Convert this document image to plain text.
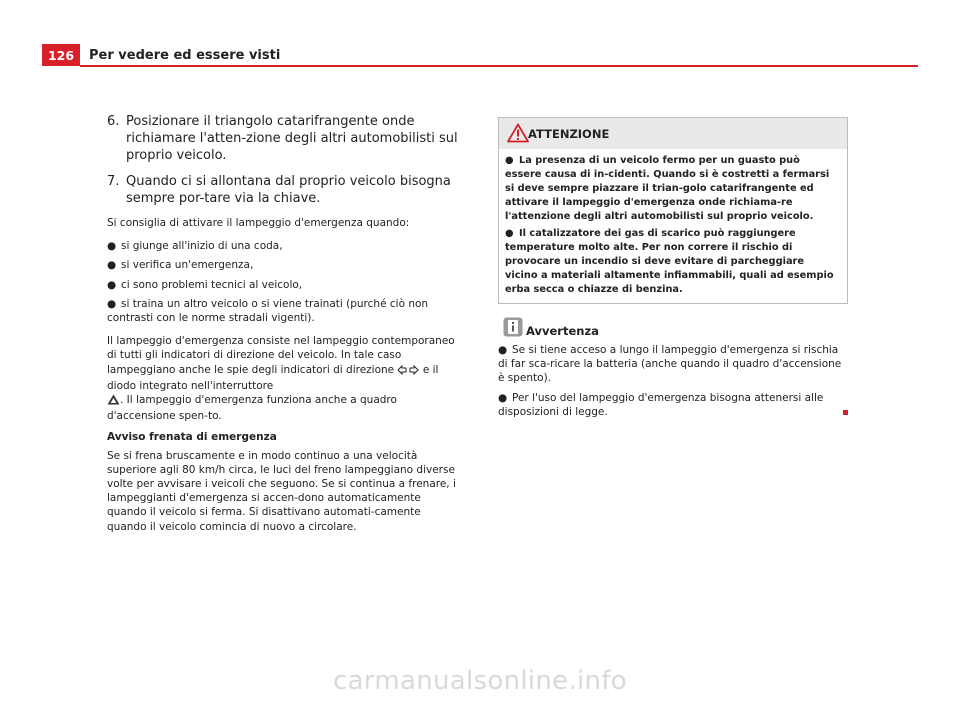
126	Per vedere ed essere visti
6. Posizionare il triangolo catarifrangente onde richiamare l'atten-zione degli altri automobilisti sul proprio veicolo.
7. Quando ci si allontana dal proprio veicolo bisogna sempre por-tare via la chiave.

Si consiglia di attivare il lampeggio d'emergenza quando:

● si giunge all'inizio di una coda,
● si verifica un'emergenza,
● ci sono problemi tecnici al veicolo,
● si traina un altro veicolo o si viene trainati (purché ciò non contrasti con le norme stradali vigenti).

Il lampeggio d'emergenza consiste nel lampeggio contemporaneo di tutti gli indicatori di direzione del veicolo. In tale caso lampeggiano anche le spie degli indicatori di direzione	e il diodo integrato nell'interruttore
. Il lampeggio d'emergenza funziona anche a quadro d'accensione spen-to.

Avviso frenata di emergenza

Se si frena bruscamente e in modo continuo a una velocità superiore agli 80 km/h circa, le luci del freno lampeggiano diverse volte per avvisare i veicoli che seguono. Se si continua a frenare, i lampeggianti d'emergenza si accen-dono automaticamente quando il veicolo si ferma. Si disattivano automati-camente quando il veicolo comincia di nuovo a circolare.

ATTENZIONE
● La presenza di un veicolo fermo per un guasto può essere causa di in-cidenti. Quando si è costretti a fermarsi si deve sempre piazzare il trian-golo catarifrangente ed attivare il lampeggio d'emergenza onde richiama-re l'attenzione degli altri automobilisti sul proprio veicolo.
● Il catalizzatore dei gas di scarico può raggiungere temperature molto alte. Per non correre il rischio di provocare un incendio si deve evitare di parcheggiare vicino a materiali altamente infiammabili, quali ad esempio erba secca o chiazze di benzina.
Avvertenza
● Se si tiene acceso a lungo il lampeggio d'emergenza si rischia di far sca-ricare la batteria (anche quando il quadro d'accensione è spento).
● Per l'uso del lampeggio d'emergenza bisogna attenersi alle disposizioni di legge.
carmanualsonline.info
